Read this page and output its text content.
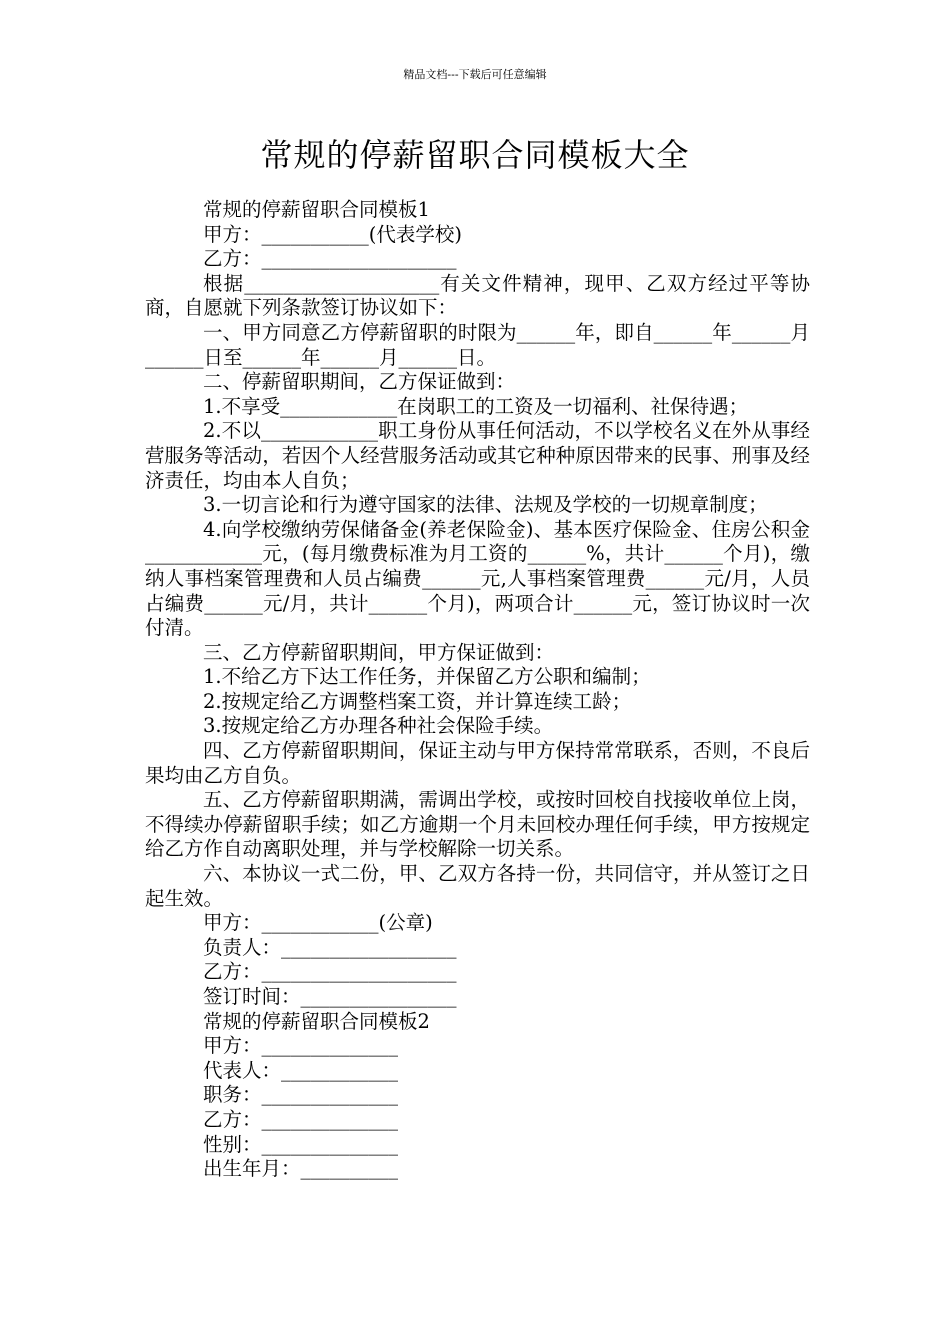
精品文档---下载后可任意编辑
常规的停薪留职合同模板大全

常规的停薪留职合同模板1

甲方：___________(代表学校)

乙方：____________________

根据____________________有关文件精神，现甲、乙双方经过平等协商，自愿就下列条款签订协议如下：

一、甲方同意乙方停薪留职的时限为______年，即自______年______月______日至______年______月______日。

二、停薪留职期间，乙方保证做到：

1.不享受____________在岗职工的工资及一切福利、社保待遇；

2.不以____________职工身份从事任何活动，不以学校名义在外从事经营服务等活动，若因个人经营服务活动或其它种种原因带来的民事、刑事及经济责任，均由本人自负；

3.一切言论和行为遵守国家的法律、法规及学校的一切规章制度；

4.向学校缴纳劳保储备金(养老保险金)、基本医疗保险金、住房公积金____________元，(每月缴费标准为月工资的______%，共计______个月)，缴纳人事档案管理费和人员占编费______元,人事档案管理费______元/月，人员占编费______元/月，共计______个月)，两项合计______元，签订协议时一次付清。

三、乙方停薪留职期间，甲方保证做到：

1.不给乙方下达工作任务，并保留乙方公职和编制；

2.按规定给乙方调整档案工资，并计算连续工龄；

3.按规定给乙方办理各种社会保险手续。

四、乙方停薪留职期间，保证主动与甲方保持常常联系，否则，不良后果均由乙方自负。

五、乙方停薪留职期满，需调出学校，或按时回校自找接收单位上岗，不得续办停薪留职手续；如乙方逾期一个月未回校办理任何手续，甲方按规定给乙方作自动离职处理，并与学校解除一切关系。

六、本协议一式二份，甲、乙双方各持一份，共同信守，并从签订之日起生效。

甲方：____________(公章)

负责人：__________________

乙方：____________________

签订时间：________________

常规的停薪留职合同模板2

甲方：______________

代表人：____________

职务：______________

乙方：______________

性别：______________

出生年月：__________
